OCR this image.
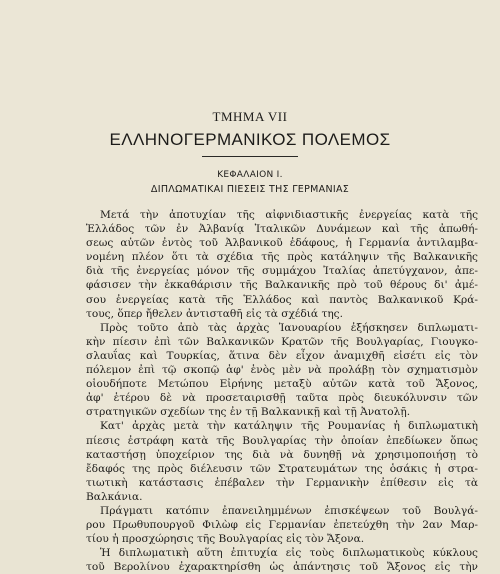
ΤΜΗΜΑ VII
ΕΛΛΗΝΟΓΕΡΜΑΝΙΚΟΣ ΠΟΛΕΜΟΣ
ΚΕΦΑΛΑΙΟΝ Ι.
ΔΙΠΛΩΜΑΤΙΚΑΙ ΠΙΕΣΕΙΣ ΤΗΣ ΓΕΡΜΑΝΙΑΣ
Μετά τὴν ἀποτυχίαν τῆς αἰφνιδιαστικῆς ἐνεργείας κατὰ τῆς
Ἑλλάδος τῶν ἐν Ἀλβανίᾳ Ἰταλικῶν Δυνάμεων καὶ τῆς ἀπωθή-
σεως αὐτῶν ἐντὸς τοῦ Ἀλβανικοῦ ἐδάφους, ἡ Γερμανία ἀντιλαμβα-
νομένη πλέον ὅτι τὰ σχέδια τῆς πρὸς κατάληψιν τῆς Βαλκανικῆς
διὰ τῆς ἐνεργείας μόνον τῆς συμμάχου Ἰταλίας ἀπετύγχανον, ἀπε-
φάσισεν τὴν ἐκκαθάρισιν τῆς Βαλκανικῆς πρὸ τοῦ θέρους δι' ἀμέ-
σου ἐνεργείας κατὰ τῆς Ἑλλάδος καὶ παντὸς Βαλκανικοῦ Κρά-
τους, ὅπερ ἤθελεν ἀντισταθῆ εἰς τὰ σχέδιά της.
Πρὸς τοῦτο ἀπὸ τὰς ἀρχὰς Ἰανουαρίου ἐξήσκησεν διπλωματι-
κὴν πίεσιν ἐπὶ τῶν Βαλκανικῶν Κρατῶν τῆς Βουλγαρίας, Γιουγκο-
σλαυΐας καὶ Τουρκίας, ἅτινα δὲν εἶχον ἀναμιχθῆ εἰσέτι εἰς τὸν
πόλεμον ἐπὶ τῷ σκοπῷ ἀφ' ἑνὸς μὲν νὰ προλάβῃ τὸν σχηματισμὸν
οἱουδήποτε Μετώπου Εἰρήνης μεταξὺ αὐτῶν κατὰ τοῦ Ἄξονος,
ἀφ' ἑτέρου δὲ νὰ προσεταιρισθῇ ταῦτα πρὸς διευκόλυνσιν τῶν
στρατηγικῶν σχεδίων της ἐν τῇ Βαλκανικῇ καὶ τῇ Ἀνατολῇ.
Κατ' ἀρχὰς μετὰ τὴν κατάληψιν τῆς Ρουμανίας ἡ διπλωματικὴ
πίεσις ἐστράφη κατὰ τῆς Βουλγαρίας τὴν ὁποίαν ἐπεδίωκεν ὅπως
καταστήσῃ ὑποχείριον της διὰ νὰ δυνηθῇ νὰ χρησιμοποιήσῃ τὸ
ἔδαφός της πρὸς διέλευσιν τῶν Στρατευμάτων της ὁσάκις ἡ στρα-
τιωτικὴ κατάστασις ἐπέβαλεν τὴν Γερμανικὴν ἐπίθεσιν εἰς τὰ
Βαλκάνια.
Πράγματι κατόπιν ἐπανειλημμένων ἐπισκέψεων τοῦ Βουλγά-
ρου Πρωθυπουργοῦ Φιλὼφ εἰς Γερμανίαν ἐπετεύχθη τὴν 2αν Μαρ-
τίου ἡ προσχώρησις τῆς Βουλγαρίας εἰς τὸν Ἄξονα.
Ἡ διπλωματικὴ αὕτη ἐπιτυχία εἰς τοὺς διπλωματικοὺς κύκλους
τοῦ Βερολίνου ἐχαρακτηρίσθη ὡς ἀπάντησις τοῦ Ἄξονος εἰς τὴν
